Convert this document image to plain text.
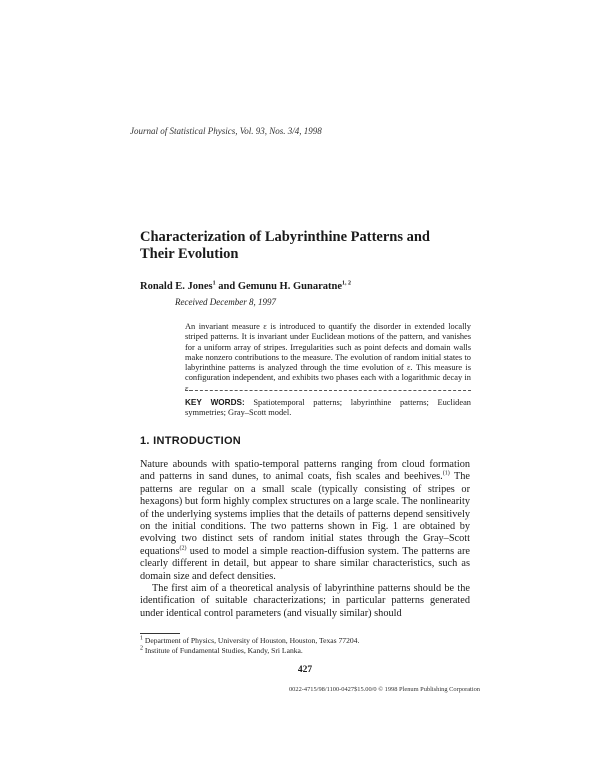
Journal of Statistical Physics, Vol. 93, Nos. 3/4, 1998
Characterization of Labyrinthine Patterns and Their Evolution
Ronald E. Jones$^1$ and Gemunu H. Gunaratne$^{1, 2}$
Received December 8, 1997
An invariant measure ε is introduced to quantify the disorder in extended locally striped patterns. It is invariant under Euclidean motions of the pattern, and vanishes for a uniform array of stripes. Irregularities such as point defects and domain walls make nonzero contributions to the measure. The evolution of random initial states to labyrinthine patterns is analyzed through the time evolution of ε. This measure is configuration independent, and exhibits two phases each with a logarithmic decay in ε.
KEY WORDS: Spatiotemporal patterns; labyrinthine patterns; Euclidean symmetries; Gray–Scott model.
1. INTRODUCTION

Nature abounds with spatio-temporal patterns ranging from cloud formation and patterns in sand dunes, to animal coats, fish scales and beehives.$^{(1)}$ The patterns are regular on a small scale (typically consisting of stripes or hexagons) but form highly complex structures on a large scale. The nonlinearity of the underlying systems implies that the details of patterns depend sensitively on the initial conditions. The two patterns shown in Fig. 1 are obtained by evolving two distinct sets of random initial states through the Gray–Scott equations$^{(2)}$ used to model a simple reaction-diffusion system. The patterns are clearly different in detail, but appear to share similar characteristics, such as domain size and defect densities.

The first aim of a theoretical analysis of labyrinthine patterns should be the identification of suitable characterizations; in particular patterns generated under identical control parameters (and visually similar) should

$^1$ Department of Physics, University of Houston, Houston, Texas 77204.
$^2$ Institute of Fundamental Studies, Kandy, Sri Lanka.
427
0022-4715/98/1100-0427$15.00/0 © 1998 Plenum Publishing Corporation
